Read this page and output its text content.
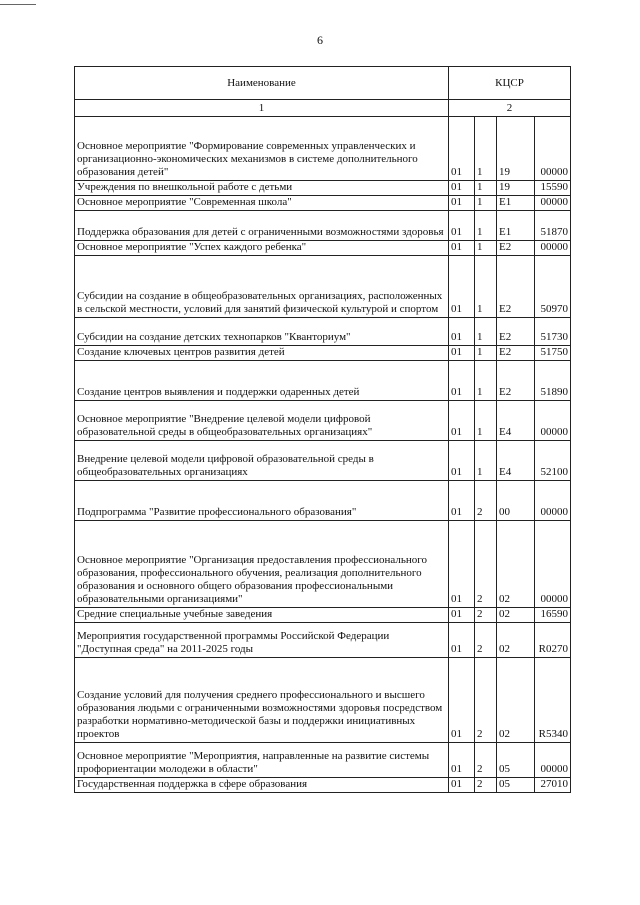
6
Наименование	КЦСР			
1	2			
Основное мероприятие "Формирование современных управленческих и организационно-экономических механизмов в системе дополнительного образования детей"	01	1	19	00000
Учреждения по внешкольной работе с детьми	01	1	19	15590
Основное мероприятие "Современная школа"	01	1	E1	00000
Поддержка образования для детей с ограниченными возможностями здоровья	01	1	E1	51870
Основное мероприятие "Успех каждого ребенка"	01	1	E2	00000
Субсидии на создание в общеобразовательных организациях, расположенных в сельской местности, условий для занятий физической культурой и спортом	01	1	E2	50970
Субсидии на создание детских технопарков "Кванториум"	01	1	E2	51730
Создание ключевых центров развития детей	01	1	E2	51750
Создание центров выявления и поддержки одаренных детей	01	1	E2	51890
Основное мероприятие "Внедрение целевой модели цифровой образовательной среды в общеобразовательных организациях"	01	1	E4	00000
Внедрение целевой модели цифровой образовательной среды в общеобразовательных организациях	01	1	E4	52100
Подпрограмма "Развитие профессионального образования"	01	2	00	00000
Основное мероприятие "Организация предоставления профессионального образования, профессионального обучения, реализация дополнительного образования и основного общего образования профессиональными образовательными организациями"	01	2	02	00000
Средние специальные учебные заведения	01	2	02	16590
Мероприятия государственной программы Российской Федерации "Доступная среда" на 2011-2025 годы	01	2	02	R0270
Создание условий для получения среднего профессионального и высшего образования людьми с ограниченными возможностями здоровья посредством разработки нормативно-методической базы и поддержки инициативных проектов	01	2	02	R5340
Основное мероприятие "Мероприятия, направленные на развитие системы профориентации молодежи в области"	01	2	05	00000
Государственная поддержка в сфере образования	01	2	05	27010
